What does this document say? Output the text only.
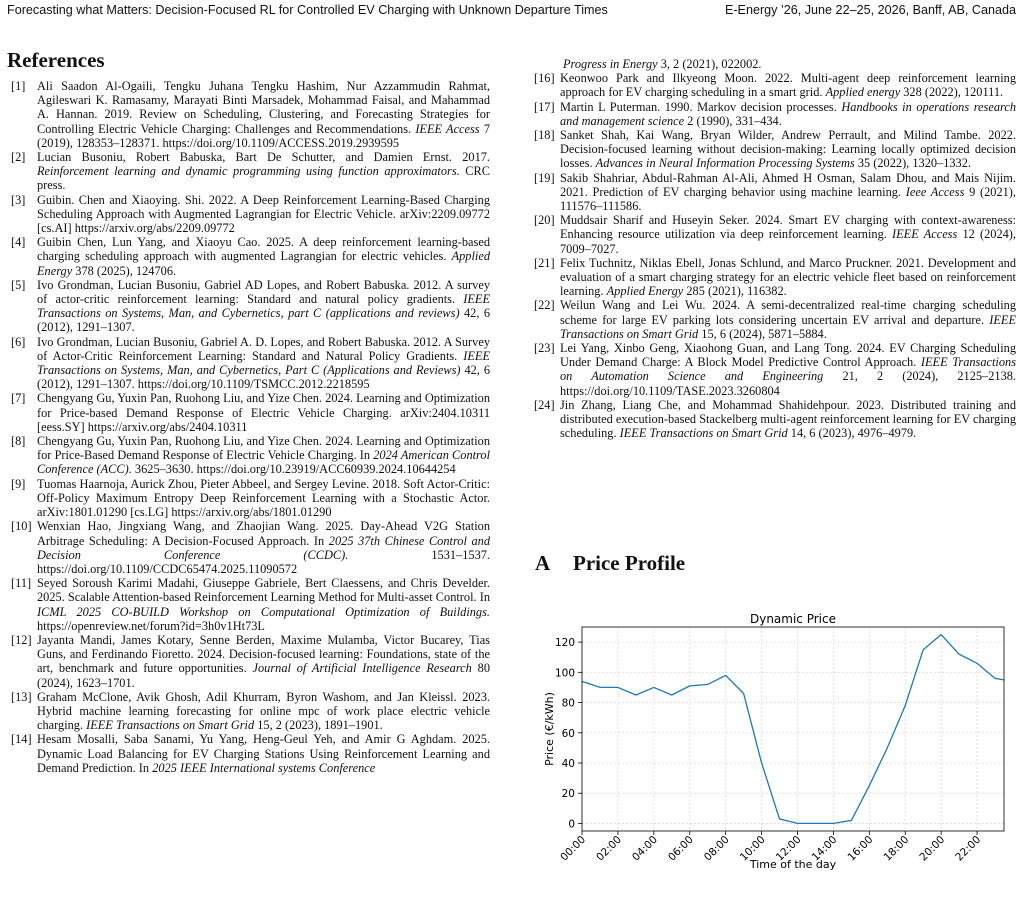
Forecasting what Matters: Decision-Focused RL for Controlled EV Charging with Unknown Departure Times	E-Energy ’26, June 22–25, 2026, Banff, AB, Canada
References
[1] Ali Saadon Al-Ogaili, Tengku Juhana Tengku Hashim, Nur Azzammudin Rahmat, Agileswari K. Ramasamy, Marayati Binti Marsadek, Mohammad Faisal, and Mahammad A. Hannan. 2019. Review on Scheduling, Clustering, and Forecasting Strategies for Controlling Electric Vehicle Charging: Challenges and Recommendations. IEEE Access 7 (2019), 128353–128371. https://doi.org/10.1109/ACCESS.2019.2939595
[2] Lucian Busoniu, Robert Babuska, Bart De Schutter, and Damien Ernst. 2017. Reinforcement learning and dynamic programming using function approximators. CRC press.
[3] Guibin. Chen and Xiaoying. Shi. 2022. A Deep Reinforcement Learning-Based Charging Scheduling Approach with Augmented Lagrangian for Electric Vehicle. arXiv:2209.09772 [cs.AI] https://arxiv.org/abs/2209.09772
[4] Guibin Chen, Lun Yang, and Xiaoyu Cao. 2025. A deep reinforcement learning-based charging scheduling approach with augmented Lagrangian for electric vehicles. Applied Energy 378 (2025), 124706.
[5] Ivo Grondman, Lucian Busoniu, Gabriel AD Lopes, and Robert Babuska. 2012. A survey of actor-critic reinforcement learning: Standard and natural policy gradients. IEEE Transactions on Systems, Man, and Cybernetics, part C (applications and reviews) 42, 6 (2012), 1291–1307.
[6] Ivo Grondman, Lucian Busoniu, Gabriel A. D. Lopes, and Robert Babuska. 2012. A Survey of Actor-Critic Reinforcement Learning: Standard and Natural Policy Gradients. IEEE Transactions on Systems, Man, and Cybernetics, Part C (Applications and Reviews) 42, 6 (2012), 1291–1307. https://doi.org/10.1109/TSMCC.2012.2218595
[7] Chengyang Gu, Yuxin Pan, Ruohong Liu, and Yize Chen. 2024. Learning and Optimization for Price-based Demand Response of Electric Vehicle Charging. arXiv:2404.10311 [eess.SY] https://arxiv.org/abs/2404.10311
[8] Chengyang Gu, Yuxin Pan, Ruohong Liu, and Yize Chen. 2024. Learning and Optimization for Price-Based Demand Response of Electric Vehicle Charging. In 2024 American Control Conference (ACC). 3625–3630. https://doi.org/10.23919/ACC60939.2024.10644254
[9] Tuomas Haarnoja, Aurick Zhou, Pieter Abbeel, and Sergey Levine. 2018. Soft Actor-Critic: Off-Policy Maximum Entropy Deep Reinforcement Learning with a Stochastic Actor. arXiv:1801.01290 [cs.LG] https://arxiv.org/abs/1801.01290
[10] Wenxian Hao, Jingxiang Wang, and Zhaojian Wang. 2025. Day-Ahead V2G Station Arbitrage Scheduling: A Decision-Focused Approach. In 2025 37th Chinese Control and Decision Conference (CCDC). 1531–1537. https://doi.org/10.1109/CCDC65474.2025.11090572
[11] Seyed Soroush Karimi Madahi, Giuseppe Gabriele, Bert Claessens, and Chris Develder. 2025. Scalable Attention-based Reinforcement Learning Method for Multi-asset Control. In ICML 2025 CO-BUILD Workshop on Computational Optimization of Buildings. https://openreview.net/forum?id=3h0v1Ht73L
[12] Jayanta Mandi, James Kotary, Senne Berden, Maxime Mulamba, Victor Bucarey, Tias Guns, and Ferdinando Fioretto. 2024. Decision-focused learning: Foundations, state of the art, benchmark and future opportunities. Journal of Artificial Intelligence Research 80 (2024), 1623–1701.
[13] Graham McClone, Avik Ghosh, Adil Khurram, Byron Washom, and Jan Kleissl. 2023. Hybrid machine learning forecasting for online mpc of work place electric vehicle charging. IEEE Transactions on Smart Grid 15, 2 (2023), 1891–1901.
[14] Hesam Mosalli, Saba Sanami, Yu Yang, Heng-Geul Yeh, and Amir G Aghdam. 2025. Dynamic Load Balancing for EV Charging Stations Using Reinforcement Learning and Demand Prediction. In 2025 IEEE International systems Conference
Progress in Energy 3, 2 (2021), 022002.
[16] Keonwoo Park and Ilkyeong Moon. 2022. Multi-agent deep reinforcement learning approach for EV charging scheduling in a smart grid. Applied energy 328 (2022), 120111.
[17] Martin L Puterman. 1990. Markov decision processes. Handbooks in operations research and management science 2 (1990), 331–434.
[18] Sanket Shah, Kai Wang, Bryan Wilder, Andrew Perrault, and Milind Tambe. 2022. Decision-focused learning without decision-making: Learning locally optimized decision losses. Advances in Neural Information Processing Systems 35 (2022), 1320–1332.
[19] Sakib Shahriar, Abdul-Rahman Al-Ali, Ahmed H Osman, Salam Dhou, and Mais Nijim. 2021. Prediction of EV charging behavior using machine learning. Ieee Access 9 (2021), 111576–111586.
[20] Muddsair Sharif and Huseyin Seker. 2024. Smart EV charging with context-awareness: Enhancing resource utilization via deep reinforcement learning. IEEE Access 12 (2024), 7009–7027.
[21] Felix Tuchnitz, Niklas Ebell, Jonas Schlund, and Marco Pruckner. 2021. Development and evaluation of a smart charging strategy for an electric vehicle fleet based on reinforcement learning. Applied Energy 285 (2021), 116382.
[22] Weilun Wang and Lei Wu. 2024. A semi-decentralized real-time charging scheduling scheme for large EV parking lots considering uncertain EV arrival and departure. IEEE Transactions on Smart Grid 15, 6 (2024), 5871–5884.
[23] Lei Yang, Xinbo Geng, Xiaohong Guan, and Lang Tong. 2024. EV Charging Scheduling Under Demand Charge: A Block Model Predictive Control Approach. IEEE Transactions on Automation Science and Engineering 21, 2 (2024), 2125–2138. https://doi.org/10.1109/TASE.2023.3260804
[24] Jin Zhang, Liang Che, and Mohammad Shahidehpour. 2023. Distributed training and distributed execution-based Stackelberg multi-agent reinforcement learning for EV charging scheduling. IEEE Transactions on Smart Grid 14, 6 (2023), 4976–4979.
A Price Profile
0
20
40
60
80
100
120
00:00 02:00 04:00 06:00 08:00 10:00 12:00 14:00 16:00 18:00 20:00 22:00
Dynamic Price
Time of the day
Price (€/kWh)
